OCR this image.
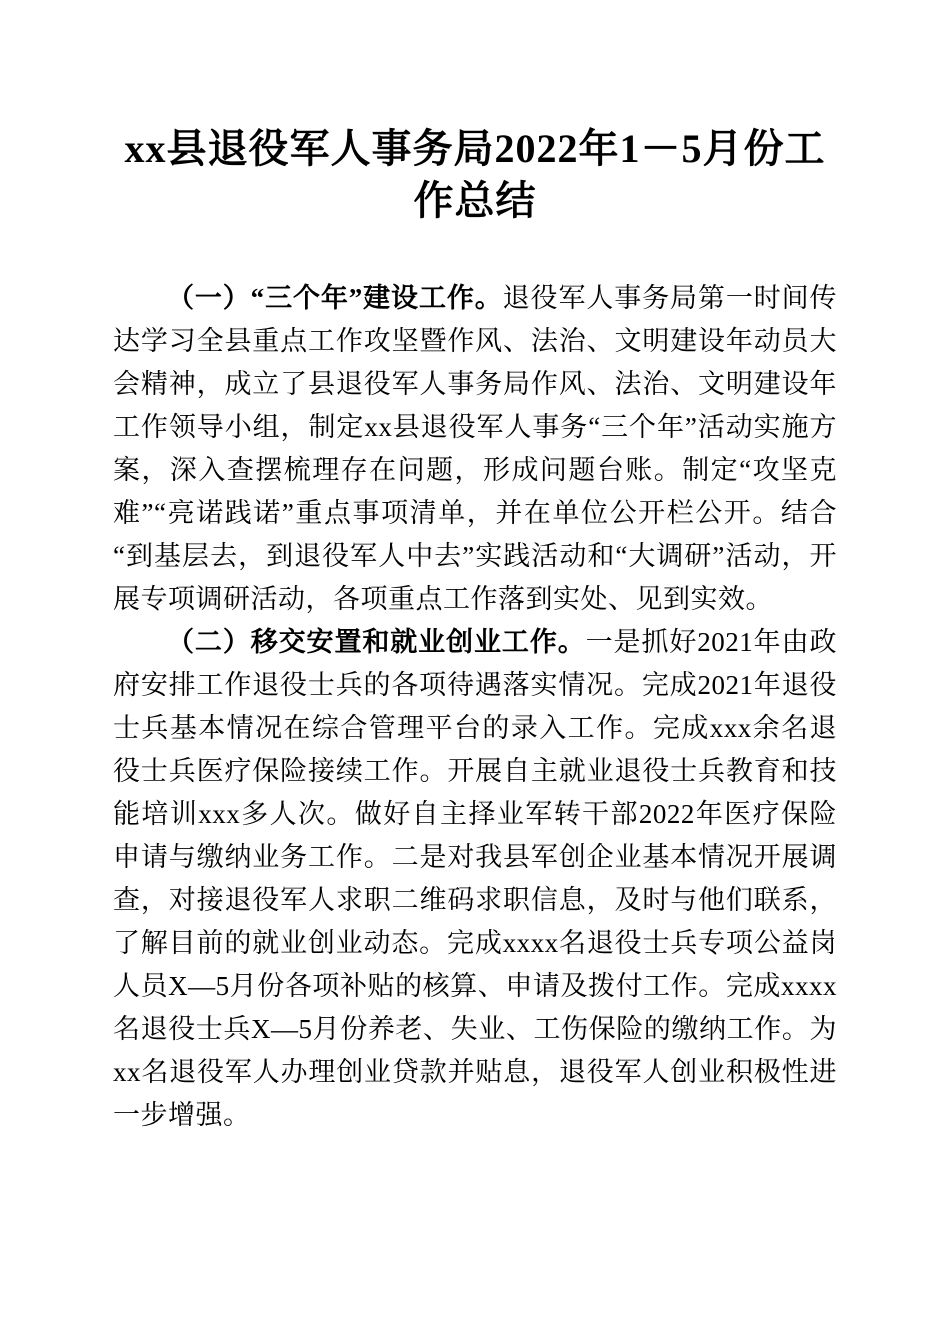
xx县退役军人事务局2022年1－5月份工作总结

（一）“三个年”建设工作。退役军人事务局第一时间传达学习全县重点工作攻坚暨作风、法治、文明建设年动员大会精神，成立了县退役军人事务局作风、法治、文明建设年工作领导小组，制定xx县退役军人事务“三个年”活动实施方案，深入查摆梳理存在问题，形成问题台账。制定“攻坚克难”“亮诺践诺”重点事项清单，并在单位公开栏公开。结合“到基层去，到退役军人中去”实践活动和“大调研”活动，开展专项调研活动，各项重点工作落到实处、见到实效。

（二）移交安置和就业创业工作。一是抓好2021年由政府安排工作退役士兵的各项待遇落实情况。完成2021年退役士兵基本情况在综合管理平台的录入工作。完成xxx余名退役士兵医疗保险接续工作。开展自主就业退役士兵教育和技能培训xxx多人次。做好自主择业军转干部2022年医疗保险申请与缴纳业务工作。二是对我县军创企业基本情况开展调查，对接退役军人求职二维码求职信息，及时与他们联系，了解目前的就业创业动态。完成xxxx名退役士兵专项公益岗人员X—5月份各项补贴的核算、申请及拨付工作。完成xxxx名退役士兵X—5月份养老、失业、工伤保险的缴纳工作。为xx名退役军人办理创业贷款并贴息，退役军人创业积极性进一步增强。
